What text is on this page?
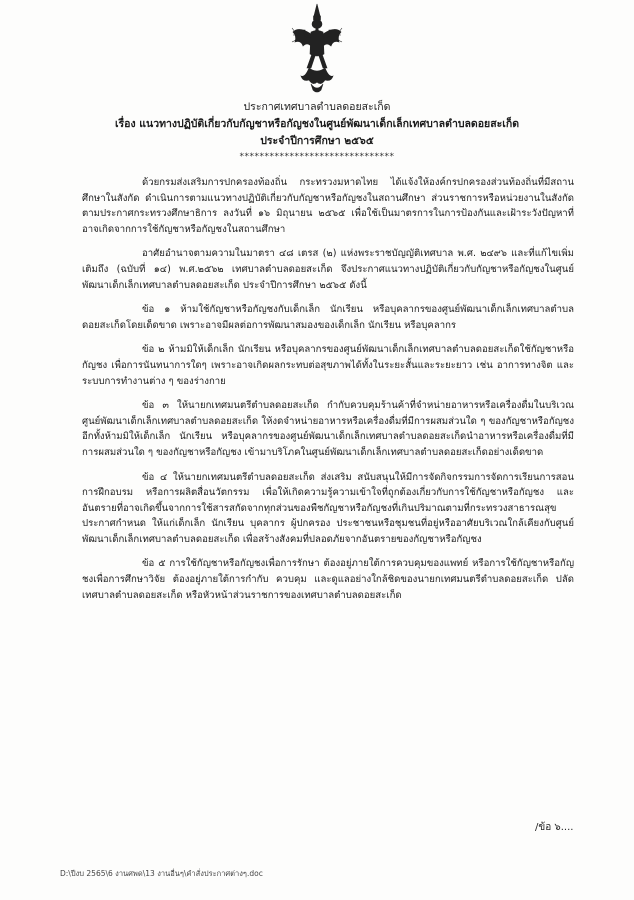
ประกาศเทศบาลตำบลดอยสะเก็ด
เรื่อง แนวทางปฏิบัติเกี่ยวกับกัญชาหรือกัญชงในศูนย์พัฒนาเด็กเล็กเทศบาลตำบลดอยสะเก็ด
ประจำปีการศึกษา ๒๕๖๕
*******************************

ด้วยกรมส่งเสริมการปกครองท้องถิ่น กระทรวงมหาดไทย ได้แจ้งให้องค์กรปกครองส่วนท้องถิ่นที่มีสถานศึกษาในสังกัด ดำเนินการตามแนวทางปฏิบัติเกี่ยวกับกัญชาหรือกัญชงในสถานศึกษา ส่วนราชการหรือหน่วยงานในสังกัด ตามประกาศกระทรวงศึกษาธิการ ลงวันที่ ๑๖ มิถุนายน ๒๕๖๕ เพื่อใช้เป็นมาตรการในการป้องกันและเฝ้าระวังปัญหาที่อาจเกิดจากการใช้กัญชาหรือกัญชงในสถานศึกษา

อาศัยอำนาจตามความในมาตรา ๔๘ เตรส (๒) แห่งพระราชบัญญัติเทศบาล พ.ศ. ๒๔๙๖ และที่แก้ไขเพิ่มเติมถึง (ฉบับที่ ๑๔) พ.ศ.๒๕๖๒ เทศบาลตำบลดอยสะเก็ด จึงประกาศแนวทางปฏิบัติเกี่ยวกับกัญชาหรือกัญชงในศูนย์พัฒนาเด็กเล็กเทศบาลตำบลดอยสะเก็ด ประจำปีการศึกษา ๒๕๖๕ ดังนี้

ข้อ ๑ ห้ามใช้กัญชาหรือกัญชงกับเด็กเล็ก นักเรียน หรือบุคลากรของศูนย์พัฒนาเด็กเล็กเทศบาลตำบลดอยสะเก็ดโดยเด็ดขาด เพราะอาจมีผลต่อการพัฒนาสมองของเด็กเล็ก นักเรียน หรือบุคลากร

ข้อ ๒ ห้ามมิให้เด็กเล็ก นักเรียน หรือบุคลากรของศูนย์พัฒนาเด็กเล็กเทศบาลตำบลดอยสะเก็ดใช้กัญชาหรือกัญชง เพื่อการนันทนาการใดๆ เพราะอาจเกิดผลกระทบต่อสุขภาพได้ทั้งในระยะสั้นและระยะยาว เช่น อาการทางจิต และระบบการทำงานต่าง ๆ ของร่างกาย

ข้อ ๓ ให้นายกเทศมนตรีตำบลดอยสะเก็ด กำกับควบคุมร้านค้าที่จำหน่ายอาหารหรือเครื่องดื่มในบริเวณศูนย์พัฒนาเด็กเล็กเทศบาลตำบลดอยสะเก็ด ให้งดจำหน่ายอาหารหรือเครื่องดื่มที่มีการผสมส่วนใด ๆ ของกัญชาหรือกัญชง อีกทั้งห้ามมิให้เด็กเล็ก นักเรียน หรือบุคลากรของศูนย์พัฒนาเด็กเล็กเทศบาลตำบลดอยสะเก็ดนำอาหารหรือเครื่องดื่มที่มีการผสมส่วนใด ๆ ของกัญชาหรือกัญชง เข้ามาบริโภคในศูนย์พัฒนาเด็กเล็กเทศบาลตำบลดอยสะเก็ดอย่างเด็ดขาด

ข้อ ๔ ให้นายกเทศมนตรีตำบลดอยสะเก็ด ส่งเสริม สนับสนุนให้มีการจัดกิจกรรมการจัดการเรียนการสอน การฝึกอบรม หรือการผลิตสื่อนวัตกรรม เพื่อให้เกิดความรู้ความเข้าใจที่ถูกต้องเกี่ยวกับการใช้กัญชาหรือกัญชง และอันตรายที่อาจเกิดขึ้นจากการใช้สารสกัดจากทุกส่วนของพืชกัญชาหรือกัญชงที่เกินปริมาณตามที่กระทรวงสาธารณสุขประกาศกำหนด ให้แก่เด็กเล็ก นักเรียน บุคลากร ผู้ปกครอง ประชาชนหรือชุมชนที่อยู่หรืออาศัยบริเวณใกล้เคียงกับศูนย์พัฒนาเด็กเล็กเทศบาลตำบลดอยสะเก็ด เพื่อสร้างสังคมที่ปลอดภัยจากอันตรายของกัญชาหรือกัญชง

ข้อ ๕ การใช้กัญชาหรือกัญชงเพื่อการรักษา ต้องอยู่ภายใต้การควบคุมของแพทย์ หรือการใช้กัญชาหรือกัญชงเพื่อการศึกษาวิจัย ต้องอยู่ภายใต้การกำกับ ควบคุม และดูแลอย่างใกล้ชิดของนายกเทศมนตรีตำบลดอยสะเก็ด ปลัดเทศบาลตำบลดอยสะเก็ด หรือหัวหน้าส่วนราชการของเทศบาลตำบลดอยสะเก็ด

/ข้อ ๖....
D:\ปีงบ 2565\6 งานศพด\13 งานอื่นๆ\คำสั่งประกาศต่างๆ.doc
